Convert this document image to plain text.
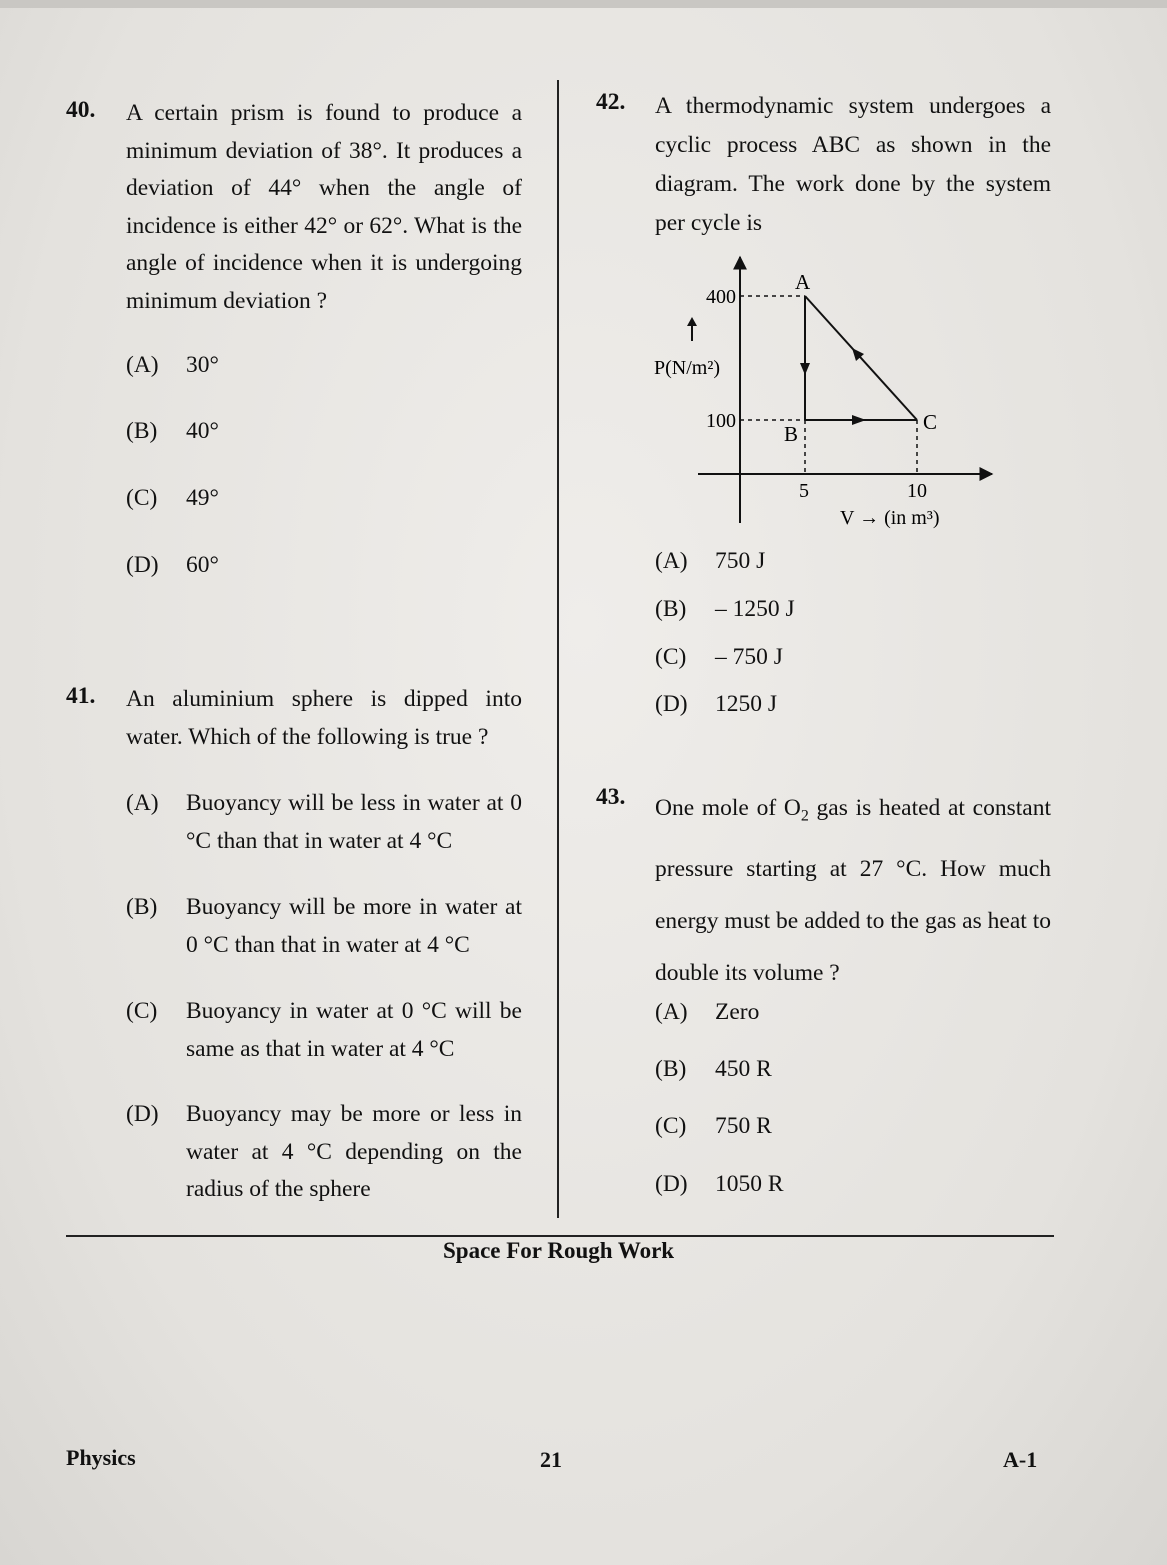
40. A certain prism is found to produce a minimum deviation of 38°. It produces a deviation of 44° when the angle of incidence is either 42° or 62°. What is the angle of incidence when it is undergoing minimum deviation ?
(A) 30°
(B) 40°
(C) 49°
(D) 60°
41. An aluminium sphere is dipped into water. Which of the following is true ?
(A) Buoyancy will be less in water at 0 °C than that in water at 4 °C
(B) Buoyancy will be more in water at 0 °C than that in water at 4 °C
(C) Buoyancy in water at 0 °C will be same as that in water at 4 °C
(D) Buoyancy may be more or less in water at 4 °C depending on the radius of the sphere
42. A thermodynamic system undergoes a cyclic process ABC as shown in the diagram. The work done by the system per cycle is
400
100
P(N/m²)
A
B	C
5	10
V → (in m³)
(A) 750 J
(B) – 1250 J
(C) – 750 J
(D) 1250 J
43. One mole of $O_2$ gas is heated at constant pressure starting at 27 °C. How much energy must be added to the gas as heat to double its volume ?
(A) Zero
(B) 450 R
(C) 750 R
(D) 1050 R
Space For Rough Work
Physics	21	A-1
